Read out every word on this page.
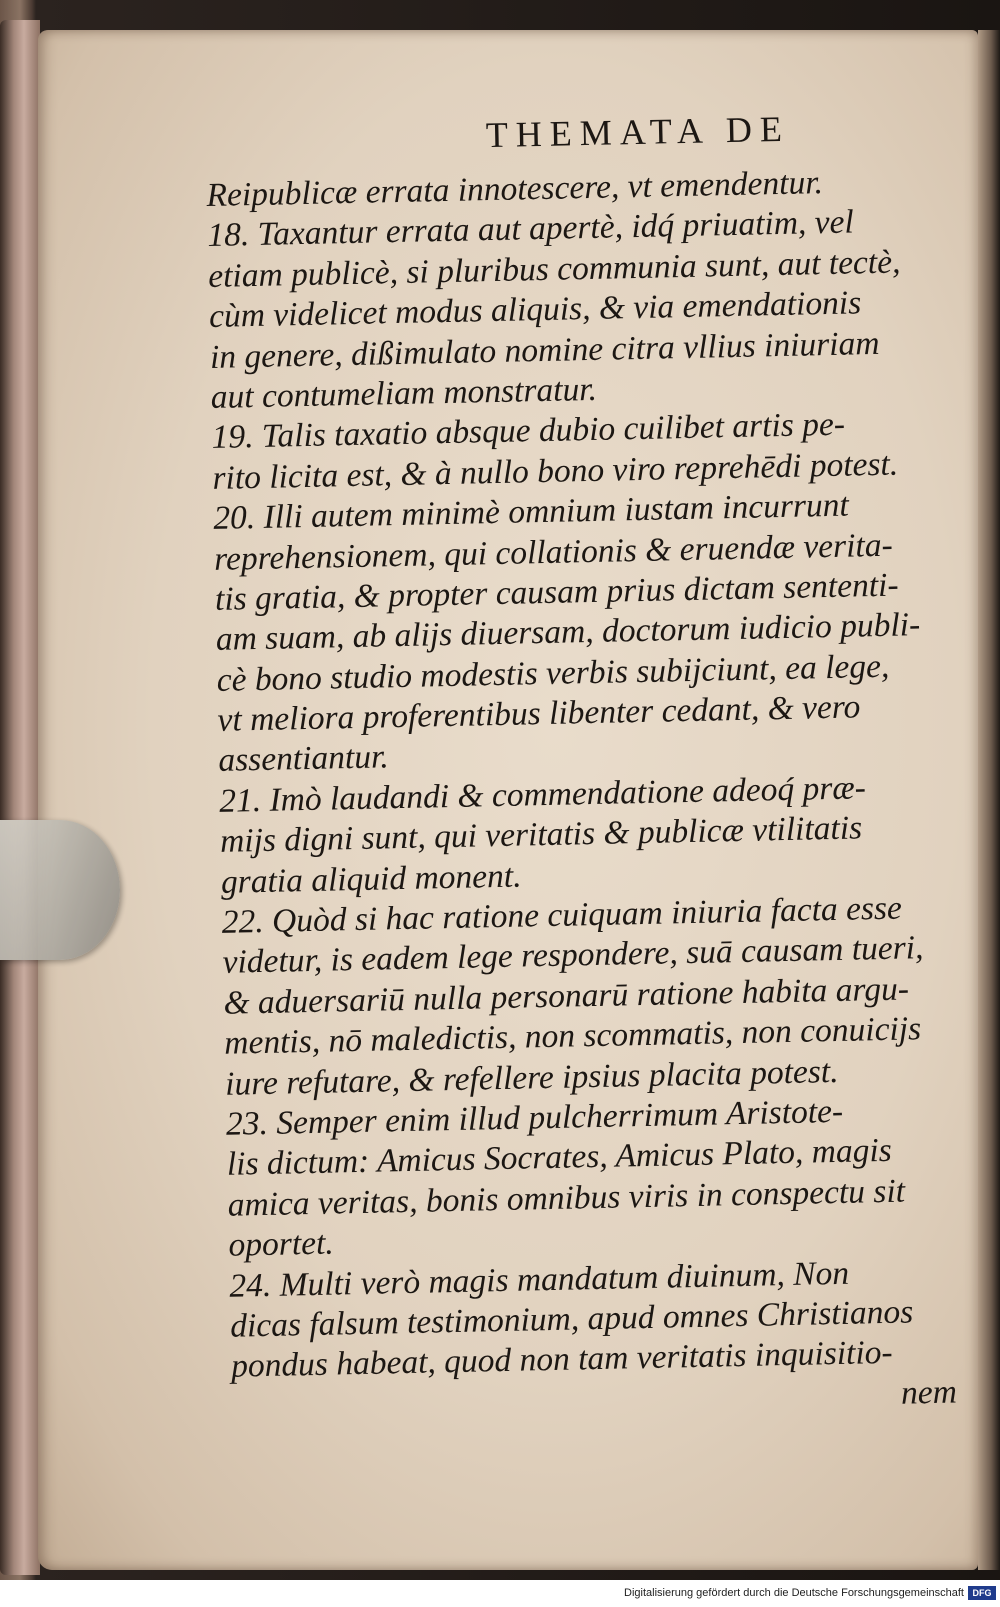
THEMATA DE
Reipublicæ errata innotescere, vt emendentur.
18. Taxantur errata aut apertè, idq́ priuatim, vel
etiam publicè, si pluribus communia sunt, aut tectè,
cùm videlicet modus aliquis, & via emendationis
in genere, dißimulato nomine citra vllius iniuriam
aut contumeliam monstratur.
19. Talis taxatio absque dubio cuilibet artis pe-
rito licita est, & à nullo bono viro reprehēdi potest.
20. Illi autem minimè omnium iustam incurrunt
reprehensionem, qui collationis & eruendæ verita-
tis gratia, & propter causam prius dictam sententi-
am suam, ab alijs diuersam, doctorum iudicio publi-
cè bono studio modestis verbis subijciunt, ea lege,
vt meliora proferentibus libenter cedant, & vero
assentiantur.
21. Imò laudandi & commendatione adeoq́ præ-
mijs digni sunt, qui veritatis & publicæ vtilitatis
gratia aliquid monent.
22. Quòd si hac ratione cuiquam iniuria facta esse
videtur, is eadem lege respondere, suā causam tueri,
& aduersariū nulla personarū ratione habita argu-
mentis, nō maledictis, non scommatis, non conuicijs
iure refutare, & refellere ipsius placita potest.
23. Semper enim illud pulcherrimum Aristote-
lis dictum: Amicus Socrates, Amicus Plato, magis
amica veritas, bonis omnibus viris in conspectu sit
oportet.
24. Multi verò magis mandatum diuinum, Non
dicas falsum testimonium, apud omnes Christianos
pondus habeat, quod non tam veritatis inquisitio-
nem
Digitalisierung gefördert durch die Deutsche Forschungsgemeinschaft DFG
